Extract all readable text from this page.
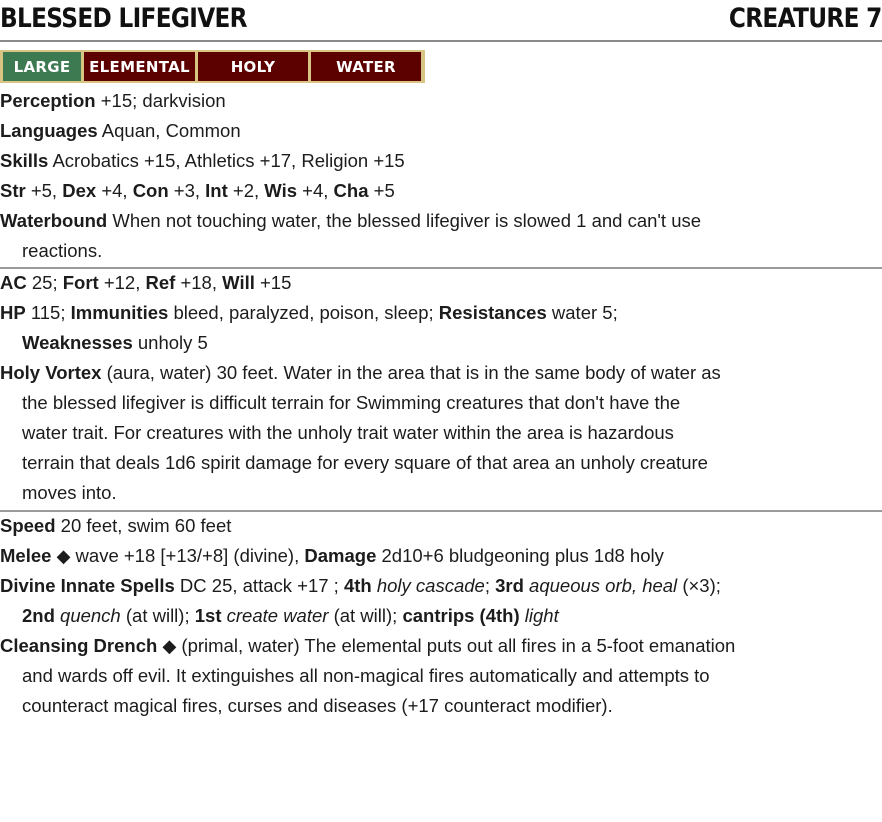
BLESSED LIFEGIVER	CREATURE 7
LARGE	ELEMENTAL	HOLY	WATER
Perception +15; darkvision
Languages Aquan, Common
Skills Acrobatics +15, Athletics +17, Religion +15
Str +5, Dex +4, Con +3, Int +2, Wis +4, Cha +5
Waterbound When not touching water, the blessed lifegiver is slowed 1 and can't use
reactions.
AC 25; Fort +12, Ref +18, Will +15
HP 115; Immunities bleed, paralyzed, poison, sleep; Resistances water 5;
Weaknesses unholy 5
Holy Vortex (aura, water) 30 feet. Water in the area that is in the same body of water as
the blessed lifegiver is difficult terrain for Swimming creatures that don't have the
water trait. For creatures with the unholy trait water within the area is hazardous
terrain that deals 1d6 spirit damage for every square of that area an unholy creature
moves into.
Speed 20 feet, swim 60 feet
Melee ◆ wave +18 [+13/+8] (divine), Damage 2d10+6 bludgeoning plus 1d8 holy
Divine Innate Spells DC 25, attack +17 ; 4th holy cascade; 3rd aqueous orb, heal (×3);
2nd quench (at will); 1st create water (at will); cantrips (4th) light
Cleansing Drench ◆ (primal, water) The elemental puts out all fires in a 5-foot emanation
and wards off evil. It extinguishes all non-magical fires automatically and attempts to
counteract magical fires, curses and diseases (+17 counteract modifier).
